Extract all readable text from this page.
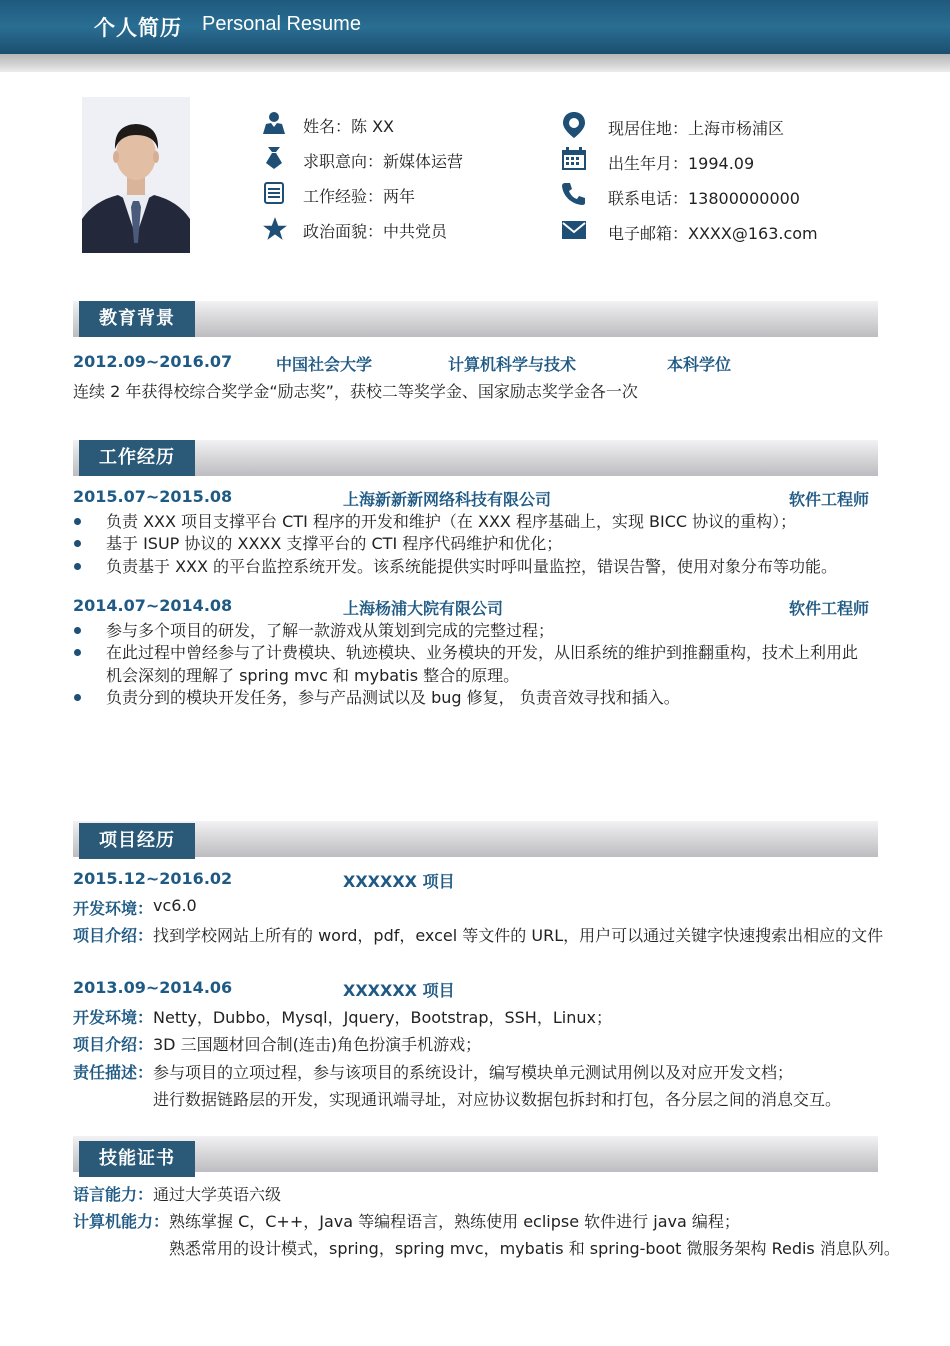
个人简历 Personal Resume
姓名：陈 XX
求职意向：新媒体运营
工作经验：两年
政治面貌：中共党员
现居住地：上海市杨浦区
出生年月：1994.09
联系电话：13800000000
电子邮箱：XXXX@163.com
教育背景
2012.09~2016.07	中国社会大学	计算机科学与技术	本科学位
连续 2 年获得校综合奖学金“励志奖”，获校二等奖学金、国家励志奖学金各一次
工作经历
2015.07~2015.08	上海新新新网络科技有限公司	软件工程师
负责 XXX 项目支撑平台 CTI 程序的开发和维护（在 XXX 程序基础上，实现 BICC 协议的重构）；
基于 ISUP 协议的 XXXX 支撑平台的 CTI 程序代码维护和优化；
负责基于 XXX 的平台监控系统开发。该系统能提供实时呼叫量监控，错误告警，使用对象分布等功能。
2014.07~2014.08	上海杨浦大院有限公司	软件工程师
参与多个项目的研发，了解一款游戏从策划到完成的完整过程；
在此过程中曾经参与了计费模块、轨迹模块、业务模块的开发，从旧系统的维护到推翻重构，技术上利用此
机会深刻的理解了 spring mvc 和 mybatis 整合的原理。
负责分到的模块开发任务，参与产品测试以及 bug 修复， 负责音效寻找和插入。
项目经历
2015.12~2016.02	XXXXXX 项目
开发环境： vc6.0
项目介绍： 找到学校网站上所有的 word，pdf，excel 等文件的 URL，用户可以通过关键字快速搜索出相应的文件
2013.09~2014.06	XXXXXX 项目
开发环境： Netty，Dubbo，Mysql，Jquery，Bootstrap，SSH，Linux；
项目介绍： 3D 三国题材回合制(连击)角色扮演手机游戏；
责任描述： 参与项目的立项过程，参与该项目的系统设计，编写模块单元测试用例以及对应开发文档；
进行数据链路层的开发，实现通讯端寻址，对应协议数据包拆封和打包，各分层之间的消息交互。
技能证书
语言能力： 通过大学英语六级
计算机能力： 熟练掌握 C，C++，Java 等编程语言，熟练使用 eclipse 软件进行 java 编程；
熟悉常用的设计模式，spring，spring mvc，mybatis 和 spring-boot 微服务架构 Redis 消息队列。
